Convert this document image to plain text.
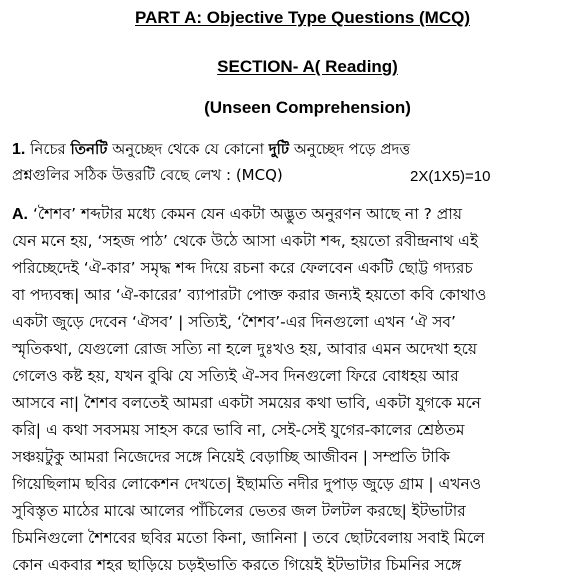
PART A: Objective Type Questions (MCQ)
SECTION- A( Reading)
(Unseen Comprehension)
1. নিচের তিনটি অনুচ্ছেদ থেকে যে কোনো দুটি অনুচ্ছেদ পড়ে প্রদত্ত
প্রশ্নগুলির সঠিক উত্তরটি বেছে লেখ : (MCQ)	2X(1X5)=10
A. ‘শৈশব’ শব্দটার মধ্যে কেমন যেন একটা অদ্ভুত অনুরণন আছে না ? প্রায়
যেন মনে হয়, ‘সহজ পাঠ’ থেকে উঠে আসা একটা শব্দ, হয়তো রবীন্দ্রনাথ এই
পরিচ্ছেদেই ‘ঐ-কার’ সমৃদ্ধ শব্দ দিয়ে রচনা করে ফেলবেন একটি ছোট্ট গদ্যরচ
বা পদ্যবন্ধ| আর ‘ঐ-কারের’ ব্যাপারটা পোক্ত করার জন্যই হয়তো কবি কোথাও
একটা জুড়ে দেবেন ‘ঐসব’ | সত্যিই, ‘শৈশব’-এর দিনগুলো এখন ‘ঐ সব’
স্মৃতিকথা, যেগুলো রোজ সত্যি না হলে দুঃখও হয়, আবার এমন অদেখা হয়ে
গেলেও কষ্ট হয়, যখন বুঝি যে সত্যিই ঐ-সব দিনগুলো ফিরে বোধহয় আর
আসবে না| শৈশব বলতেই আমরা একটা সময়ের কথা ভাবি, একটা যুগকে মনে
করি| এ কথা সবসময় সাহস করে ভাবি না, সেই-সেই যুগের-কালের শ্রেষ্ঠতম
সঞ্চয়টুকু আমরা নিজেদের সঙ্গে নিয়েই বেড়াচ্ছি আজীবন | সম্প্রতি টাকি
গিয়েছিলাম ছবির লোকেশন দেখতে| ইছামতি নদীর দুপাড় জুড়ে গ্রাম | এখনও
সুবিস্তৃত মাঠের মাঝে আলের পাঁচিলের ভেতর জল টলটল করছে| ইটভাটার
চিমনিগুলো শৈশবের ছবির মতো কিনা, জানিনা | তবে ছোটবেলায় সবাই মিলে
কোন একবার শহর ছাড়িয়ে চড়ইভাতি করতে গিয়েই ইটভাটার চিমনির সঙ্গে
